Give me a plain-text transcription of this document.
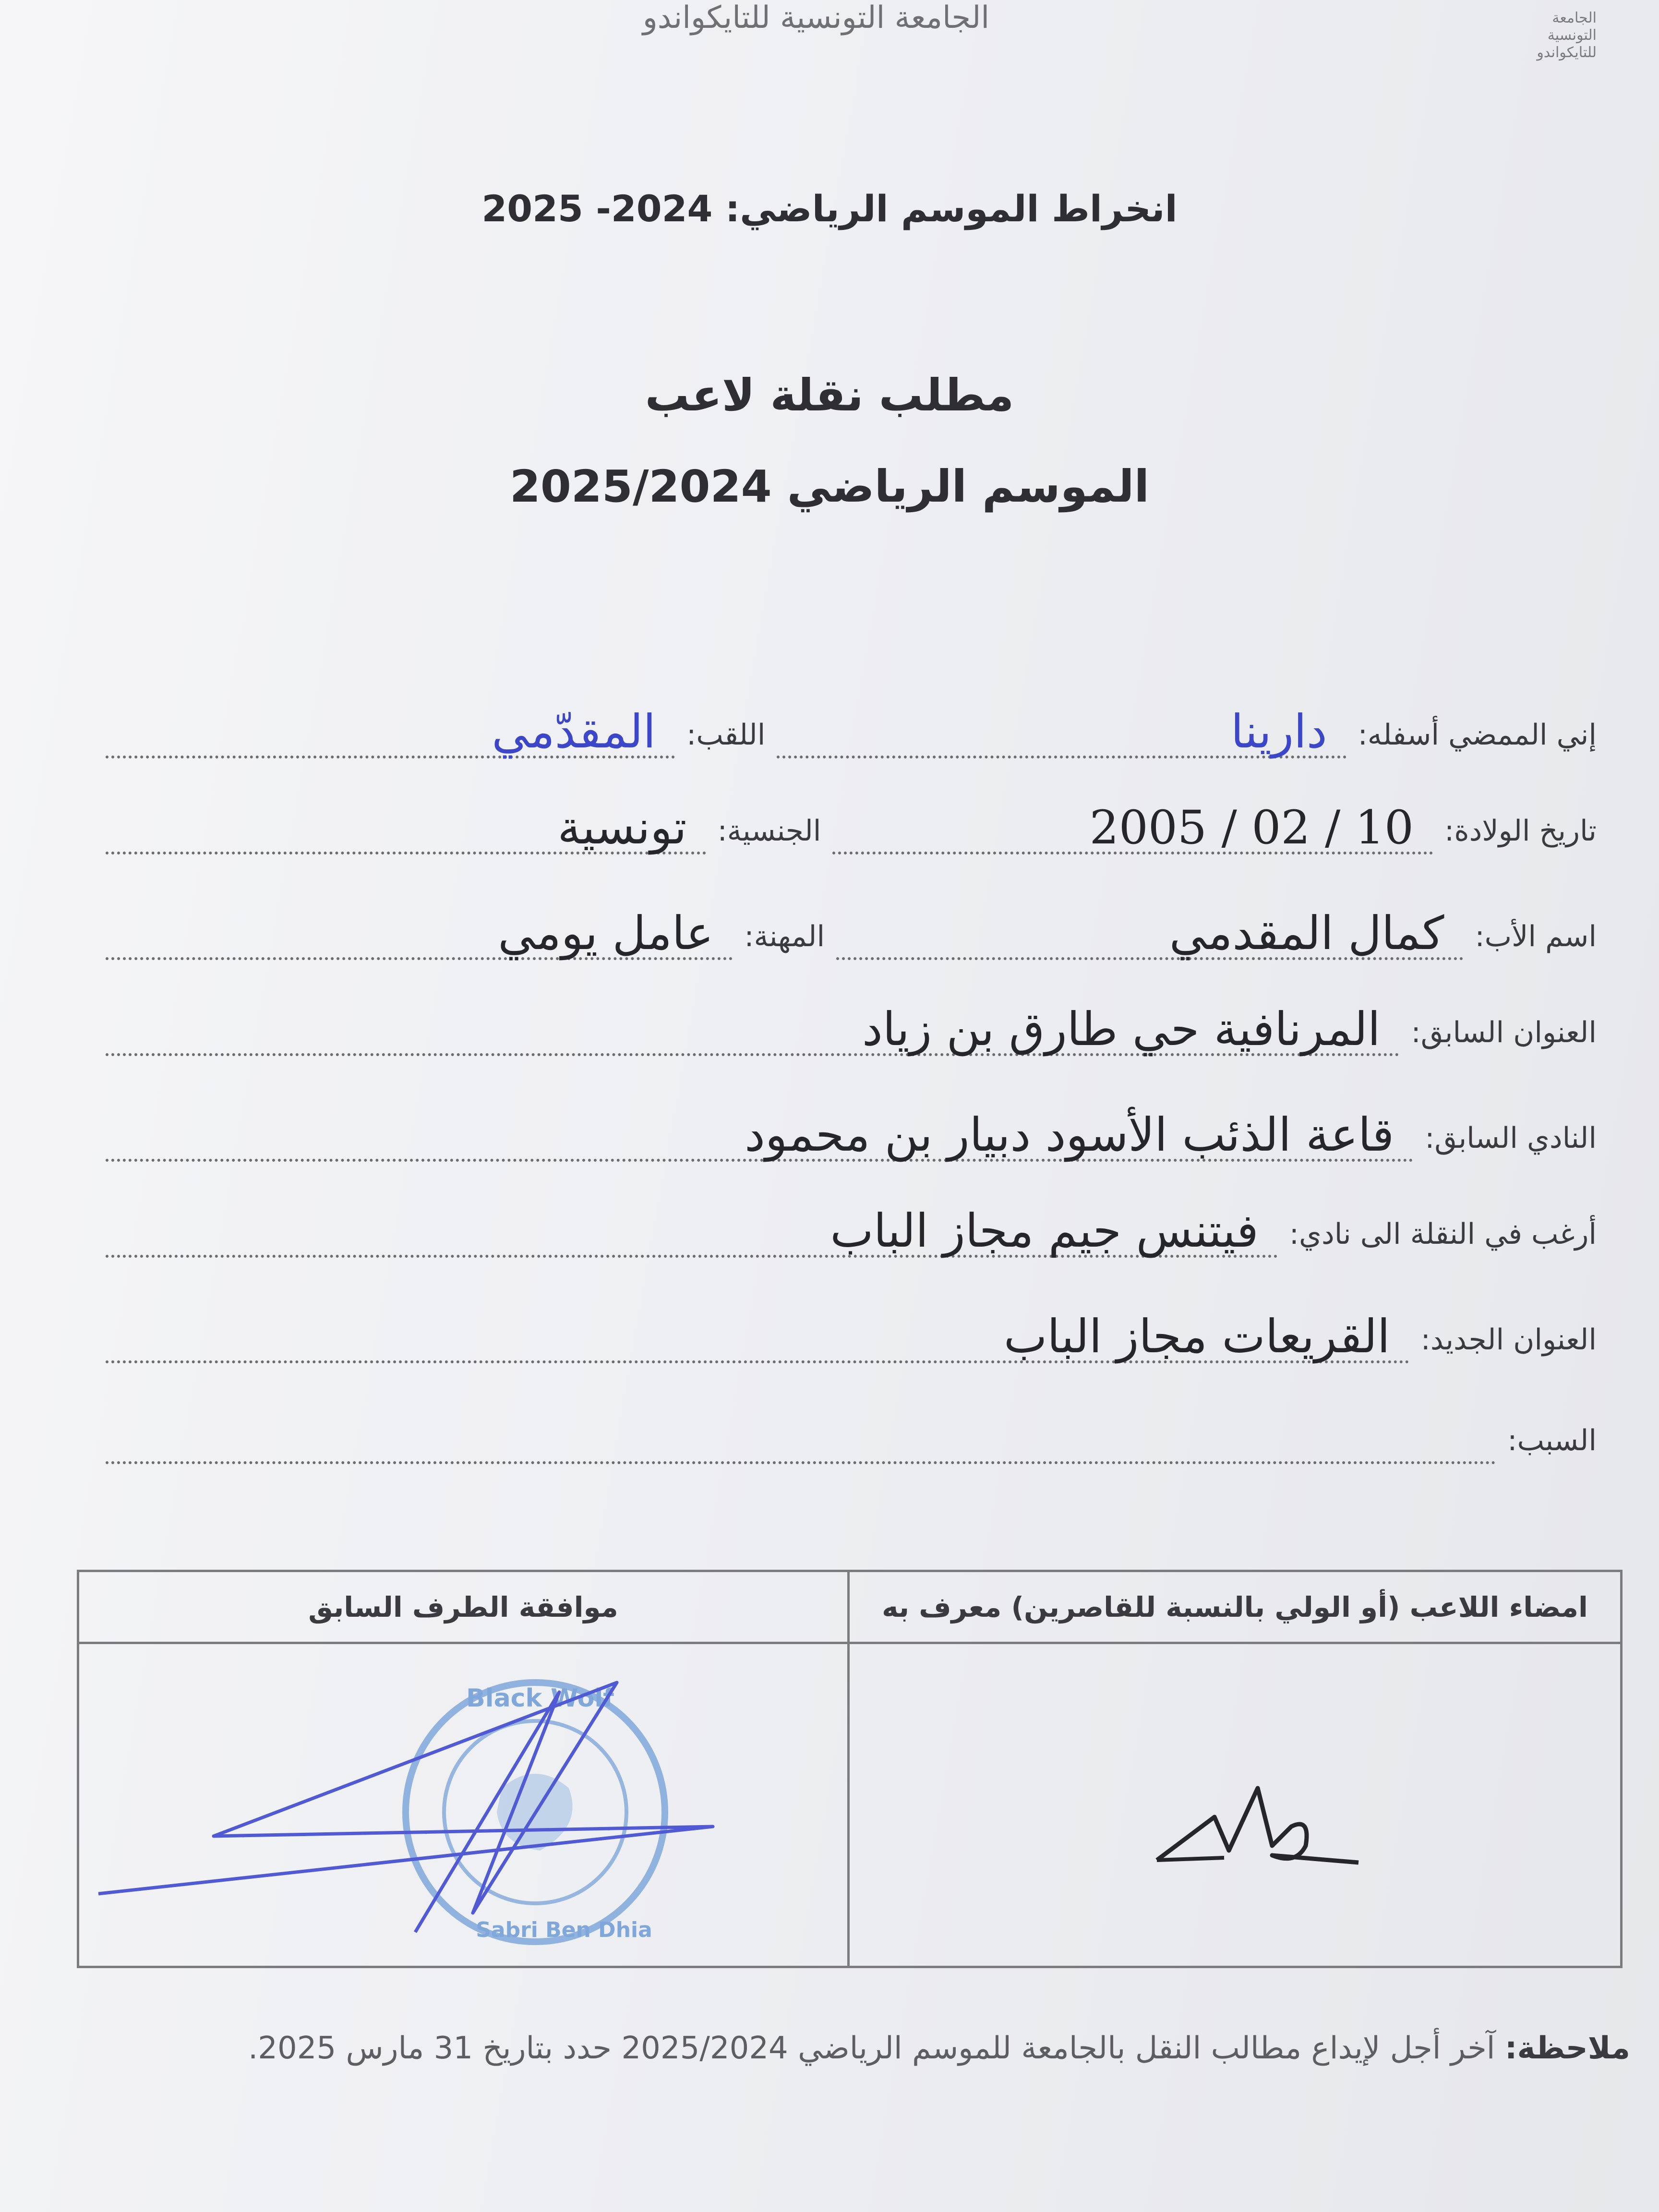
الجامعة التونسية للتايكواندو	الجامعة
التونسية
للتايكواندو
انخراط الموسم الرياضي: 2024- 2025
مطلب نقلة لاعب
الموسم الرياضي 2025/2024
إني الممضي أسفله:
دارينا
اللقب:
المقدّمي
تاريخ الولادة:
10 / 02 / 2005
الجنسية:
تونسية
اسم الأب:
كمال المقدمي
المهنة:
عامل يومي
العنوان السابق:
المرنافية حي طارق بن زياد
النادي السابق:
قاعة الذئب الأسود دبيار بن محمود
أرغب في النقلة الى نادي:
فيتنس جيم مجاز الباب
العنوان الجديد:
القريعات مجاز الباب
السبب:
امضاء اللاعب (أو الولي بالنسبة للقاصرين) معرف به
موافقة الطرف السابق
Black Wolf
Sabri Ben Dhia
ملاحظة: آخر أجل لإيداع مطالب النقل بالجامعة للموسم الرياضي 2025/2024 حدد بتاريخ 31 مارس 2025.
